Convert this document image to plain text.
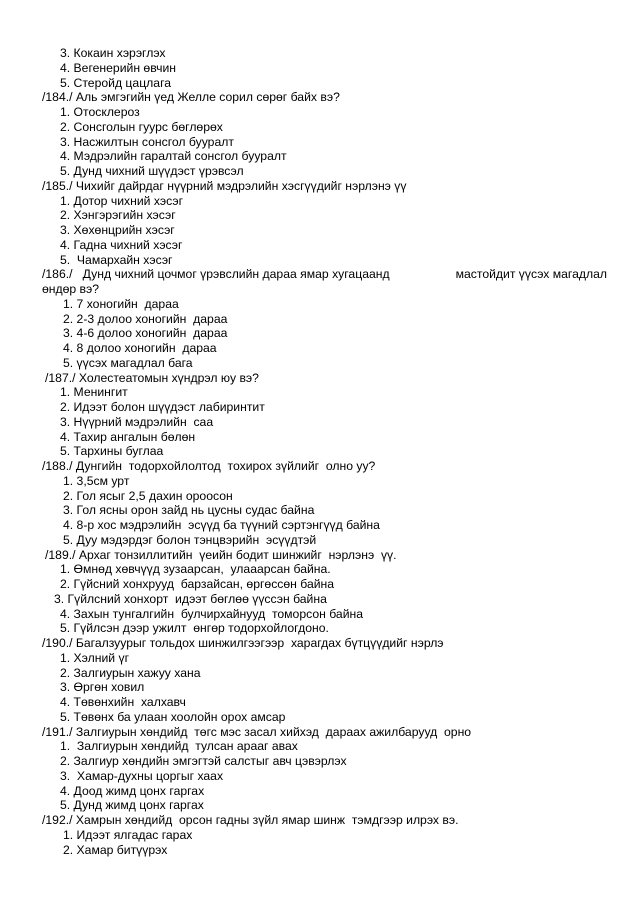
3. Кокаин хэрэглэх
4. Вегенерийн өвчин
5. Стеройд цацлага
/184./ Аль эмгэгийн үед Желле сорил сөрөг байх вэ?
1. Отосклероз
2. Сонсголын гуурс бөглөрөх
3. Насжилтын сонсгол бууралт
4. Мэдрэлийн гаралтай сонсгол бууралт
5. Дунд чихний шүүдэст үрэвсэл
/185./ Чихийг дайрдаг нүүрний мэдрэлийн хэсгүүдийг нэрлэнэ үү
1. Дотор чихний хэсэг
2. Хэнгэрэгийн хэсэг
3. Хөхөнцрийн хэсэг
4. Гадна чихний хэсэг
5.  Чамархайн хэсэг
/186./   Дунд чихний цочмог үрэвслийн дараа ямар хугацаанд	мастойдит үүсэх магадлал
өндөр вэ?
1. 7 хоногийн  дараа
2. 2-3 долоо хоногийн  дараа
3. 4-6 долоо хоногийн  дараа
4. 8 долоо хоногийн  дараа
5. үүсэх магадлал бага
/187./ Холестеатомын хүндрэл юу вэ?
1. Менингит
2. Идээт болон шүүдэст лабиринтит
3. Нүүрний мэдрэлийн  саа
4. Тахир ангалын бөлөн
5. Тархины буглаа
/188./ Дунгийн  тодорхойлолтод  тохирох зүйлийг  олно уу?
1. 3,5см урт
2. Гол ясыг 2,5 дахин ороосон
3. Гол ясны орон зайд нь цусны судас байна
4. 8-р хос мэдрэлийн  эсүүд ба түүний сэртэнгүүд байна
5. Дуу мэдэрдэг болон тэнцвэрийн  эсүүдтэй
/189./ Архаг тонзиллитийн  үеийн бодит шинжийг  нэрлэнэ  үү.
1. Өмнөд хөвчүүд зузаарсан,  улааарсан байна.
2. Гүйсний хонхрууд  барзайсан, өргөссөн байна
3. Гүйлсний хонхорт  идээт бөглөө үүссэн байна
4. Захын тунгалгийн  булчирхайнууд  томорсон байна
5. Гүйлсэн дээр ужилт  өнгөр тодорхойлогдоно.
/190./ Багалзуурыг тольдох шинжилгээгээр  харагдах бүтцүүдийг нэрлэ
1. Хэлний үг
2. Залгиурын хажуу хана
3. Өргөн ховил
4. Төвөнхийн  халхавч
5. Төвөнх ба улаан хоолойн орох амсар
/191./ Залгиурын хөндийд  төгс мэс засал хийхэд  дараах ажилбарууд  орно
1.  Залгиурын хөндийд  тулсан арааг авах
2. Залгиур хөндийн эмгэгтэй салстыг авч цэвэрлэх
3.  Хамар-духны цоргыг хаах
4. Доод жимд цонх гаргах
5. Дунд жимд цонх гаргах
/192./ Хамрын хөндийд  орсон гадны зүйл ямар шинж  тэмдгээр илрэх вэ.
1. Идээт ялгадас гарах
2. Хамар битүүрэх
